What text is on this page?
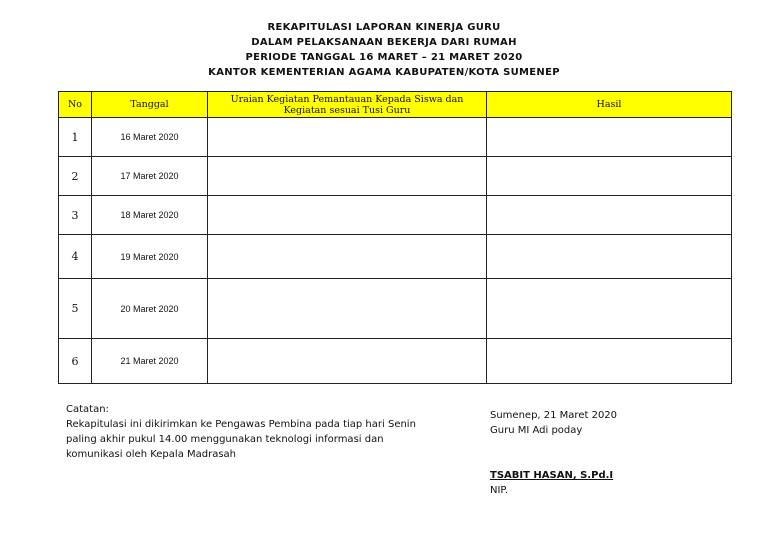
REKAPITULASI LAPORAN KINERJA GURU
DALAM PELAKSANAAN BEKERJA DARI RUMAH
PERIODE TANGGAL 16 MARET – 21 MARET 2020
KANTOR KEMENTERIAN AGAMA KABUPATEN/KOTA SUMENEP
No	Tanggal	Uraian Kegiatan Pemantauan Kepada Siswa dan Kegiatan sesuai Tusi Guru	Hasil
1	16 Maret 2020		
2	17 Maret 2020		
3	18 Maret 2020		
4	19 Maret 2020		
5	20 Maret 2020		
6	21 Maret 2020		
Catatan:
Rekapitulasi ini dikirimkan ke Pengawas Pembina pada tiap hari Senin paling akhir pukul 14.00 menggunakan teknologi informasi dan komunikasi oleh Kepala Madrasah
Sumenep, 21 Maret 2020
Guru MI Adi poday
TSABIT HASAN, S.Pd.I
NIP.
